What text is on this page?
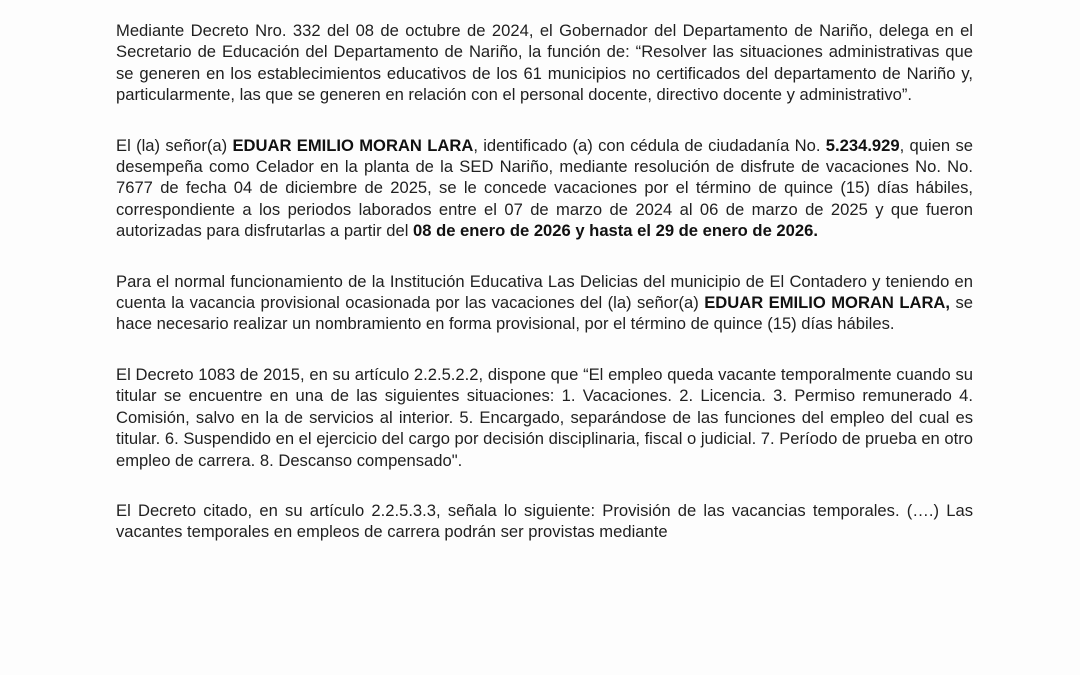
Mediante Decreto Nro. 332 del 08 de octubre de 2024, el Gobernador del Departamento de Nariño, delega en el Secretario de Educación del Departamento de Nariño, la función de: “Resolver las situaciones administrativas que se generen en los establecimientos educativos de los 61 municipios no certificados del departamento de Nariño y, particularmente, las que se generen en relación con el personal docente, directivo docente y administrativo”.

El (la) señor(a) EDUAR EMILIO MORAN LARA, identificado (a) con cédula de ciudadanía No. 5.234.929, quien se desempeña como Celador en la planta de la SED Nariño, mediante resolución de disfrute de vacaciones No. No. 7677 de fecha 04 de diciembre de 2025, se le concede vacaciones por el término de quince (15) días hábiles, correspondiente a los periodos laborados entre el 07 de marzo de 2024 al 06 de marzo de 2025 y que fueron autorizadas para disfrutarlas a partir del 08 de enero de 2026 y hasta el 29 de enero de 2026.

Para el normal funcionamiento de la Institución Educativa Las Delicias del municipio de El Contadero y teniendo en cuenta la vacancia provisional ocasionada por las vacaciones del (la) señor(a) EDUAR EMILIO MORAN LARA, se hace necesario realizar un nombramiento en forma provisional, por el término de quince (15) días hábiles.

El Decreto 1083 de 2015, en su artículo 2.2.5.2.2, dispone que “El empleo queda vacante temporalmente cuando su titular se encuentre en una de las siguientes situaciones: 1. Vacaciones. 2. Licencia. 3. Permiso remunerado 4. Comisión, salvo en la de servicios al interior. 5. Encargado, separándose de las funciones del empleo del cual es titular. 6. Suspendido en el ejercicio del cargo por decisión disciplinaria, fiscal o judicial. 7. Período de prueba en otro empleo de carrera. 8. Descanso compensado".

El Decreto citado, en su artículo 2.2.5.3.3, señala lo siguiente: Provisión de las vacancias temporales. (….) Las vacantes temporales en empleos de carrera podrán ser provistas mediante
